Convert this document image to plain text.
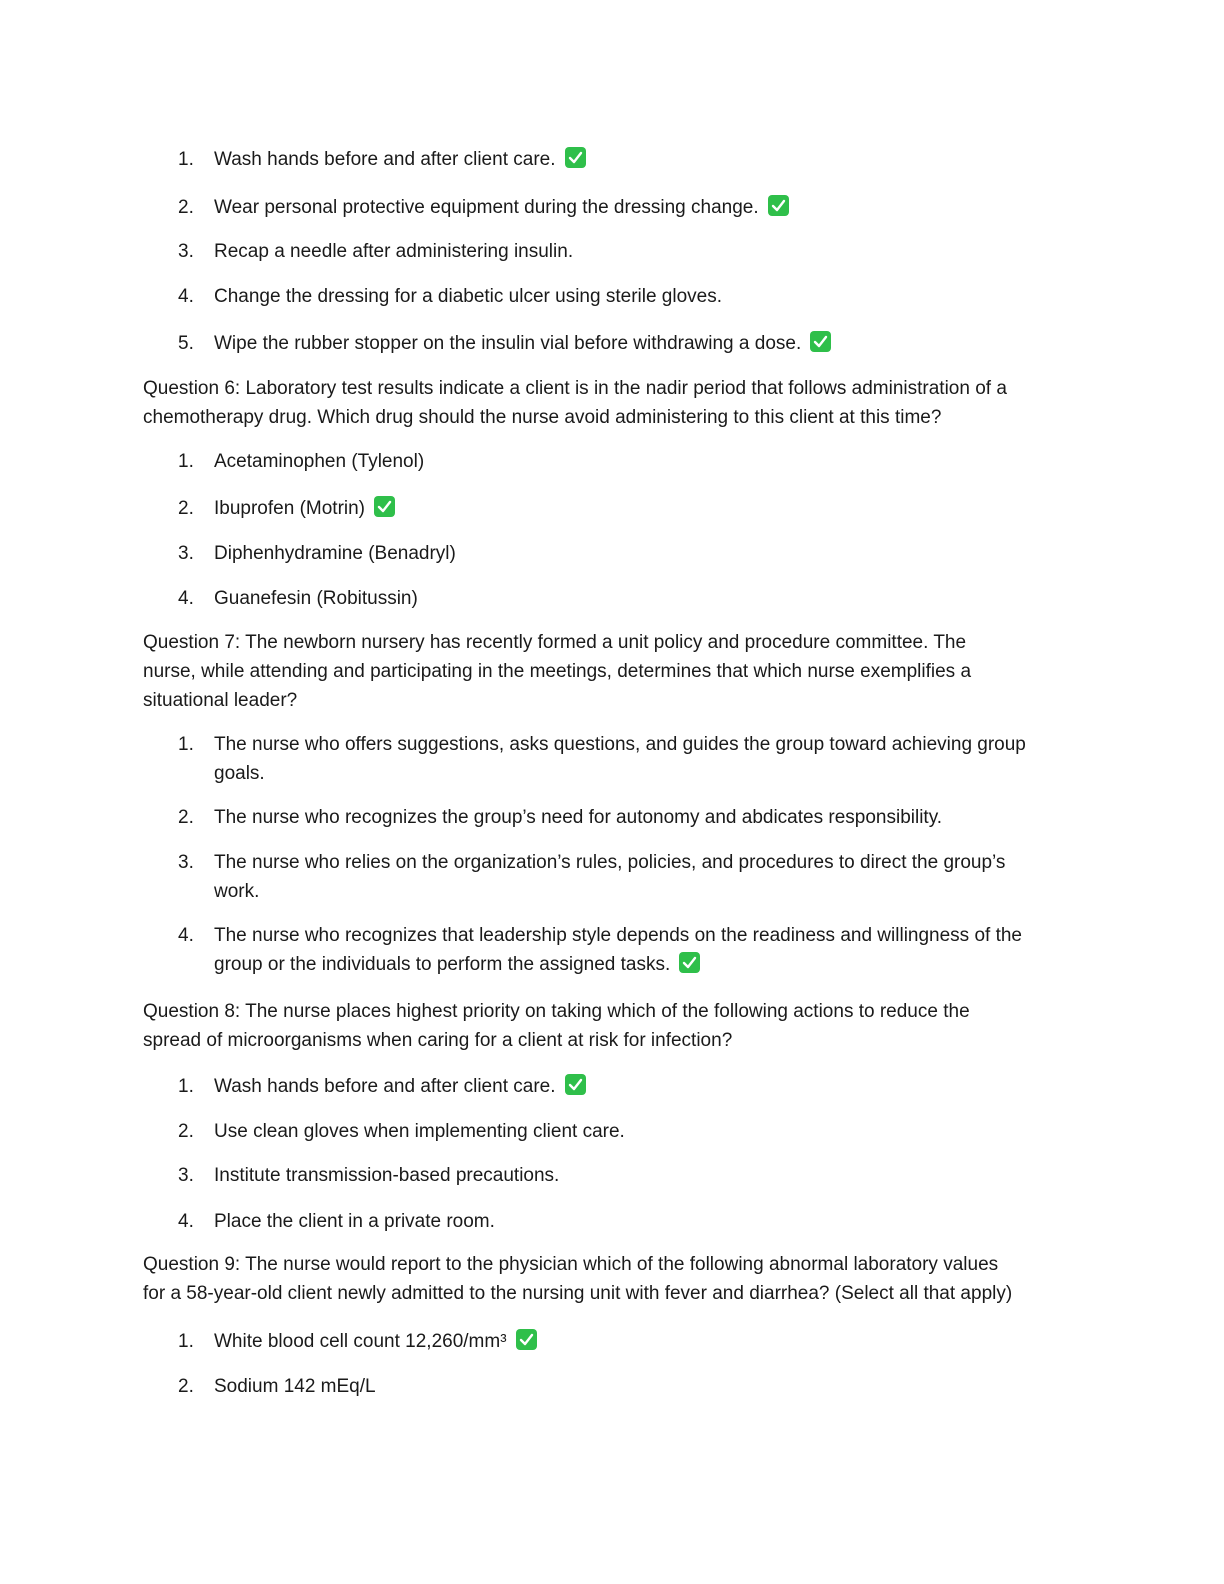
1. Wash hands before and after client care.
2. Wear personal protective equipment during the dressing change.
3. Recap a needle after administering insulin.
4. Change the dressing for a diabetic ulcer using sterile gloves.
5. Wipe the rubber stopper on the insulin vial before withdrawing a dose.
Question 6: Laboratory test results indicate a client is in the nadir period that follows administration of a
chemotherapy drug. Which drug should the nurse avoid administering to this client at this time?
1. Acetaminophen (Tylenol)
2. Ibuprofen (Motrin)
3. Diphenhydramine (Benadryl)
4. Guanefesin (Robitussin)
Question 7: The newborn nursery has recently formed a unit policy and procedure committee. The
nurse, while attending and participating in the meetings, determines that which nurse exemplifies a
situational leader?
1. The nurse who offers suggestions, asks questions, and guides the group toward achieving group
goals.
2. The nurse who recognizes the group’s need for autonomy and abdicates responsibility.
3. The nurse who relies on the organization’s rules, policies, and procedures to direct the group’s
work.
4. The nurse who recognizes that leadership style depends on the readiness and willingness of the
group or the individuals to perform the assigned tasks.
Question 8: The nurse places highest priority on taking which of the following actions to reduce the
spread of microorganisms when caring for a client at risk for infection?
1. Wash hands before and after client care.
2. Use clean gloves when implementing client care.
3. Institute transmission-based precautions.
4. Place the client in a private room.
Question 9: The nurse would report to the physician which of the following abnormal laboratory values
for a 58-year-old client newly admitted to the nursing unit with fever and diarrhea? (Select all that apply)
1. White blood cell count 12,260/mm³
2. Sodium 142 mEq/L
